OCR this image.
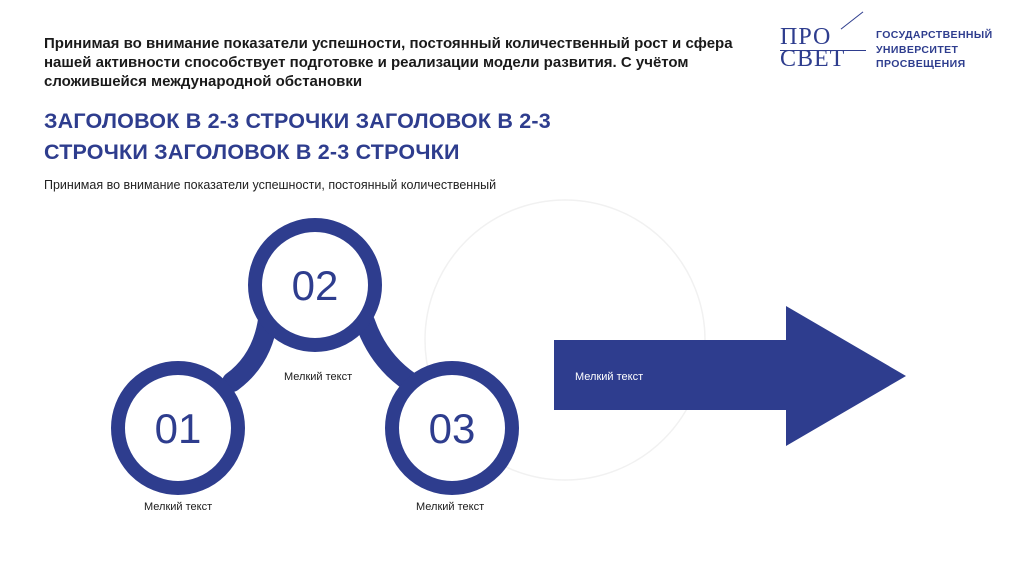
Принимая во внимание показатели успешности, постоянный количественный рост и сфера нашей активности способствует подготовке и реализации модели развития. С учётом сложившейся международной обстановки
ЗАГОЛОВОК В 2-3 СТРОЧКИ ЗАГОЛОВОК В 2-3 СТРОЧКИ ЗАГОЛОВОК В 2-3 СТРОЧКИ
Принимая во внимание показатели успешности, постоянный количественный
ПРО
СВЕТ
ГОСУДАРСТВЕННЫЙ
УНИВЕРСИТЕТ
ПРОСВЕЩЕНИЯ
02
01	03
Мелкий текст
Мелкий текст	Мелкий текст
Мелкий текст
